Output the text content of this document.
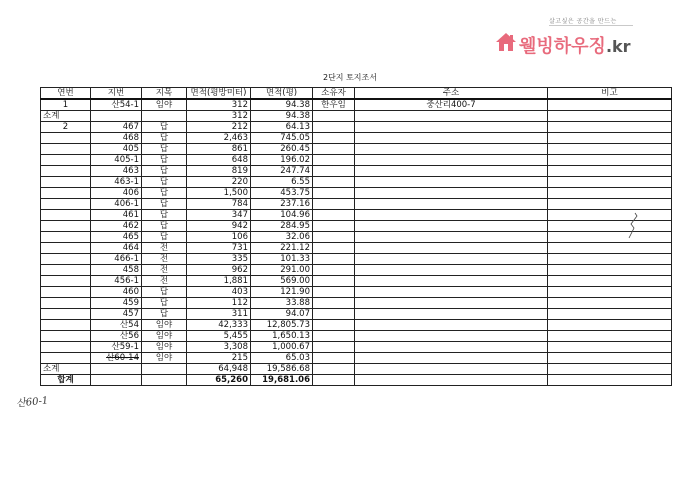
살고싶은 공간을 만드는
웰빙하우징.kr
2단지 토지조서
연번	지번	지목	면적(평방미터)	면적(평)	소유자	주소	비고
1	산54-1	임야	312	94.38	한우임	중산리400-7	
소계			312	94.38			
2	467	답	212	64.13			
	468	답	2,463	745.05			
	405	답	861	260.45			
	405-1	답	648	196.02			
	463	답	819	247.74			
	463-1	답	220	6.55			
	406	답	1,500	453.75			
	406-1	답	784	237.16			
	461	답	347	104.96			
	462	답	942	284.95			
	465	답	106	32.06			
	464	전	731	221.12			
	466-1	전	335	101.33			
	458	전	962	291.00			
	456-1	전	1,881	569.00			
	460	답	403	121.90			
	459	답	112	33.88			
	457	답	311	94.07			
	산54	임야	42,333	12,805.73			
	산56	임야	5,455	1,650.13			
	산59-1	임야	3,308	1,000.67			
	산60-14	임야	215	65.03			
소계			64,948	19,586.68			
합계			65,260	19,681.06			
산60-1
